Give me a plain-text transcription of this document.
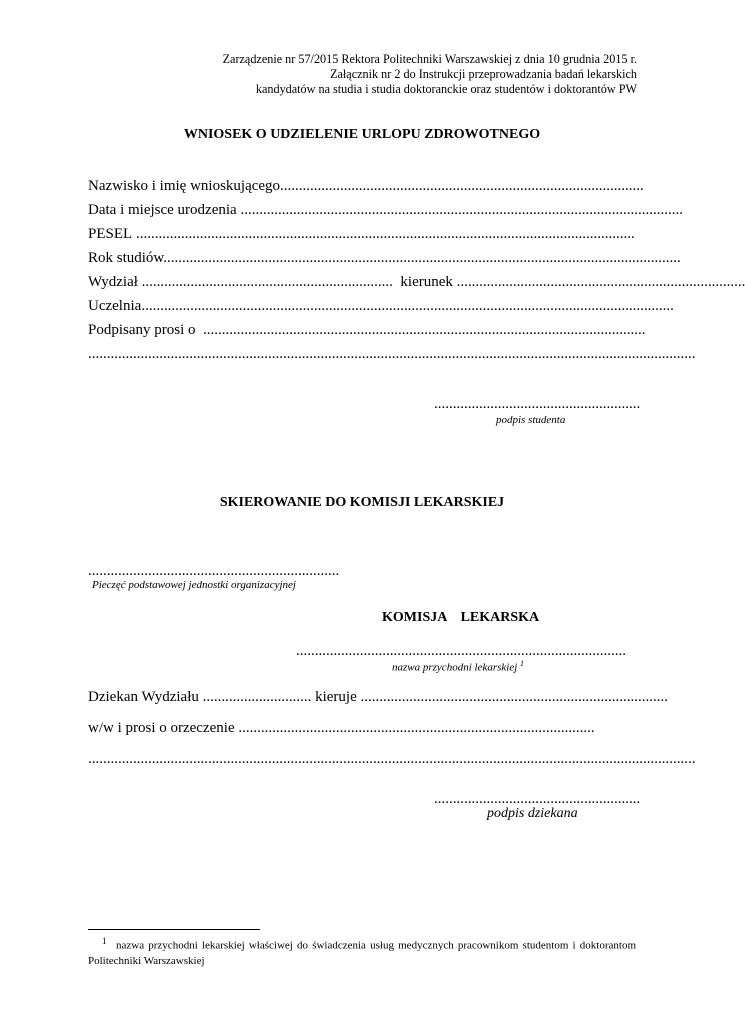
Zarządzenie nr 57/2015 Rektora Politechniki Warszawskiej z dnia 10 grudnia 2015 r.
Załącznik nr 2 do Instrukcji przeprowadzania badań lekarskich
kandydatów na studia i studia doktoranckie oraz studentów i doktorantów PW
WNIOSEK O UDZIELENIE URLOPU ZDROWOTNEGO
Nazwisko i imię wnioskującego.................................................................................................
Data i miejsce urodzenia ......................................................................................................................
PESEL .....................................................................................................................................
Rok studiów..........................................................................................................................................
Wydział ................................................................... kierunek .............................................................................
Uczelnia..............................................................................................................................................
Podpisany prosi o ......................................................................................................................
..................................................................................................................................................................
.......................................................
podpis studenta
SKIEROWANIE DO KOMISJI LEKARSKIEJ
...................................................................
Pieczęć podstawowej jednostki organizacyjnej
KOMISJA    LEKARSKA
........................................................................................
nazwa przychodni lekarskiej $^1$
Dziekan Wydziału ............................. kieruje ..................................................................................
w/w i prosi o orzeczenie ...............................................................................................
..................................................................................................................................................................
.......................................................
podpis dziekana
1 nazwa przychodni lekarskiej właściwej do świadczenia usług medycznych pracownikom studentom i doktorantom Politechniki Warszawskiej
